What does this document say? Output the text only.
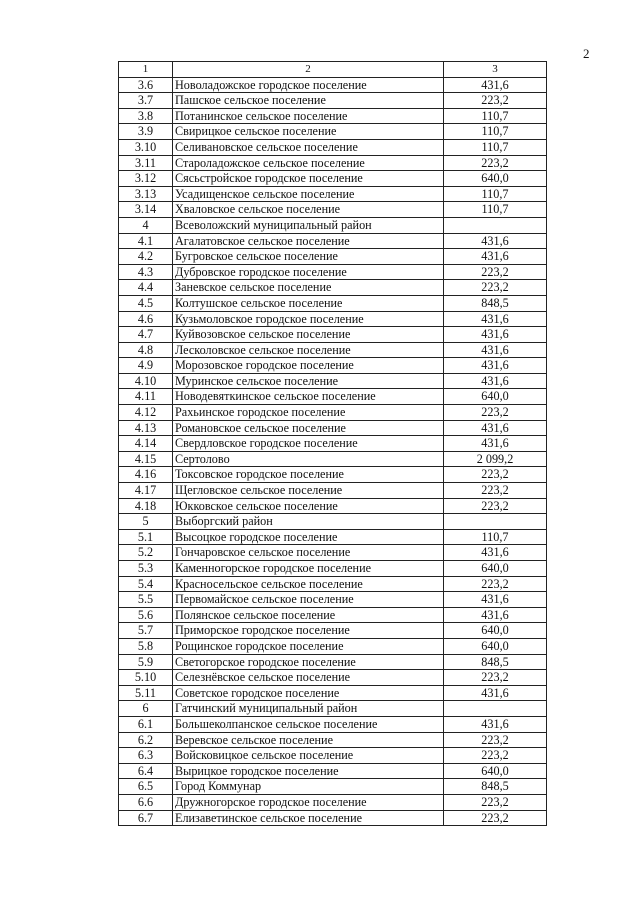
2
1	2	3
3.6	Новоладожское городское поселение	431,6
3.7	Пашское сельское поселение	223,2
3.8	Потанинское сельское поселение	110,7
3.9	Свирицкое сельское поселение	110,7
3.10	Селивановское сельское поселение	110,7
3.11	Староладожское сельское поселение	223,2
3.12	Сясьстройское городское поселение	640,0
3.13	Усадищенское сельское поселение	110,7
3.14	Хваловское сельское поселение	110,7
4	Всеволожский муниципальный район	
4.1	Агалатовское сельское поселение	431,6
4.2	Бугровское сельское поселение	431,6
4.3	Дубровское городское поселение	223,2
4.4	Заневское сельское поселение	223,2
4.5	Колтушское сельское поселение	848,5
4.6	Кузьмоловское городское поселение	431,6
4.7	Куйвозовское сельское поселение	431,6
4.8	Лесколовское сельское поселение	431,6
4.9	Морозовское городское поселение	431,6
4.10	Муринское сельское поселение	431,6
4.11	Новодевяткинское сельское поселение	640,0
4.12	Рахьинское городское поселение	223,2
4.13	Романовское сельское поселение	431,6
4.14	Свердловское городское поселение	431,6
4.15	Сертолово	2 099,2
4.16	Токсовское городское поселение	223,2
4.17	Щегловское сельское поселение	223,2
4.18	Юкковское сельское поселение	223,2
5	Выборгский район	
5.1	Высоцкое городское поселение	110,7
5.2	Гончаровское сельское поселение	431,6
5.3	Каменногорское городское поселение	640,0
5.4	Красносельское сельское поселение	223,2
5.5	Первомайское сельское поселение	431,6
5.6	Полянское сельское поселение	431,6
5.7	Приморское городское поселение	640,0
5.8	Рощинское городское поселение	640,0
5.9	Светогорское городское поселение	848,5
5.10	Селезнёвское сельское поселение	223,2
5.11	Советское городское поселение	431,6
6	Гатчинский муниципальный район	
6.1	Большеколпанское сельское поселение	431,6
6.2	Веревское сельское поселение	223,2
6.3	Войсковицкое сельское поселение	223,2
6.4	Вырицкое городское поселение	640,0
6.5	Город Коммунар	848,5
6.6	Дружногорское городское поселение	223,2
6.7	Елизаветинское сельское поселение	223,2
